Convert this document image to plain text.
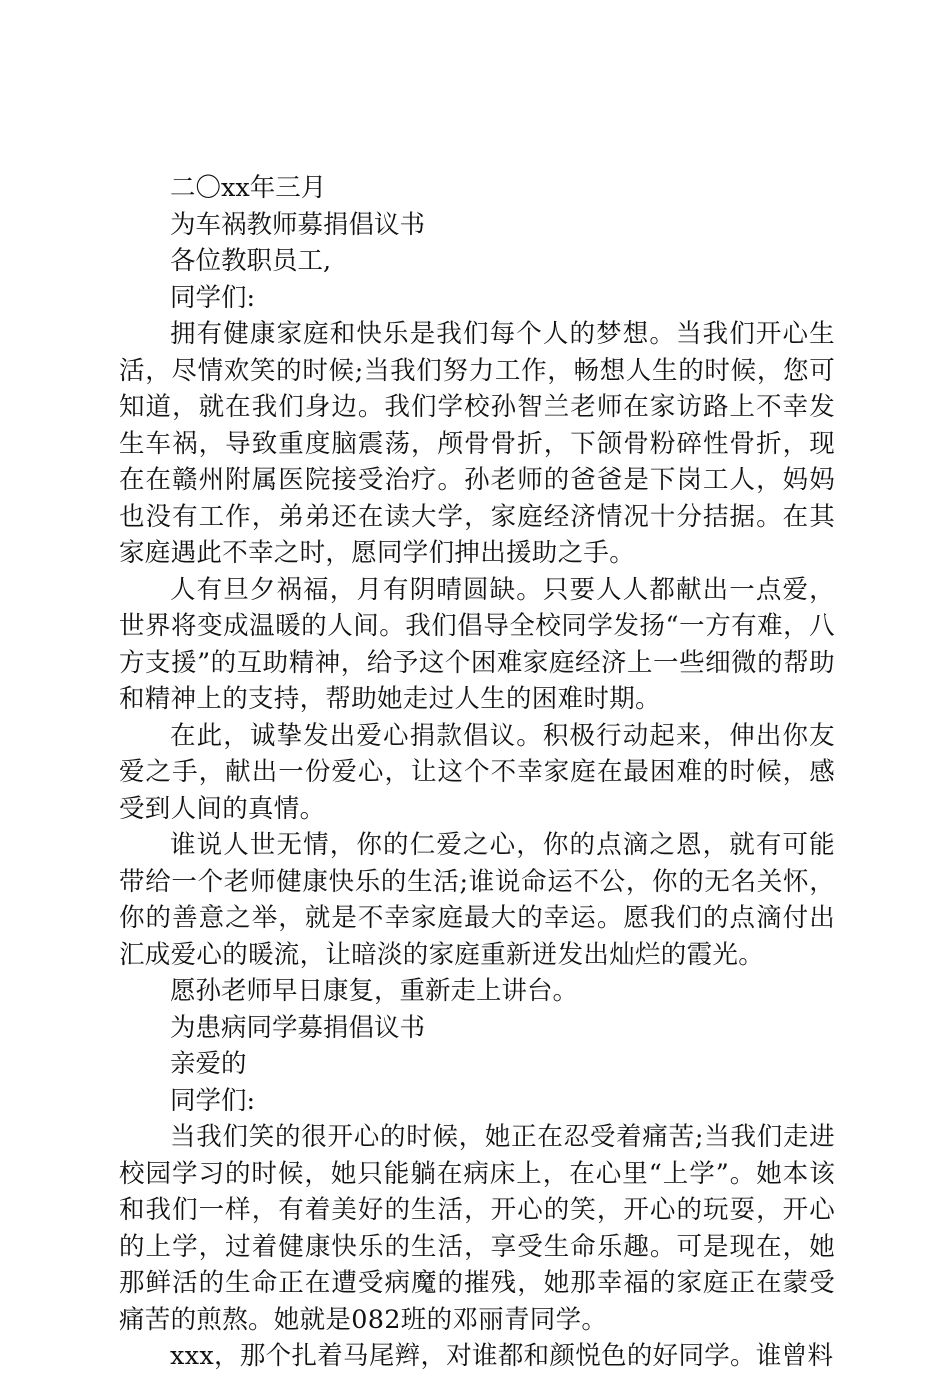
二〇xx年三月

为车祸教师募捐倡议书

各位教职员工,

同学们:

拥有健康家庭和快乐是我们每个人的梦想。当我们开心生活，尽情欢笑的时候;当我们努力工作，畅想人生的时候，您可知道，就在我们身边。我们学校孙智兰老师在家访路上不幸发生车祸，导致重度脑震荡，颅骨骨折，下颌骨粉碎性骨折，现在在赣州附属医院接受治疗。孙老师的爸爸是下岗工人，妈妈也没有工作，弟弟还在读大学，家庭经济情况十分拮据。在其家庭遇此不幸之时，愿同学们抻出援助之手。

人有旦夕祸福，月有阴晴圆缺。只要人人都献出一点爱，世界将变成温暖的人间。我们倡导全校同学发扬“一方有难，八方支援”的互助精神，给予这个困难家庭经济上一些细微的帮助和精神上的支持，帮助她走过人生的困难时期。

在此，诚挚发出爱心捐款倡议。积极行动起来，伸出你友爱之手，献出一份爱心，让这个不幸家庭在最困难的时候，感受到人间的真情。

谁说人世无情，你的仁爱之心，你的点滴之恩，就有可能带给一个老师健康快乐的生活;谁说命运不公，你的无名关怀，你的善意之举，就是不幸家庭最大的幸运。愿我们的点滴付出汇成爱心的暖流，让暗淡的家庭重新迸发出灿烂的霞光。

愿孙老师早日康复，重新走上讲台。

为患病同学募捐倡议书

亲爱的

同学们:

当我们笑的很开心的时候，她正在忍受着痛苦;当我们走进校园学习的时候，她只能躺在病床上，在心里“上学”。她本该和我们一样，有着美好的生活，开心的笑，开心的玩耍，开心的上学，过着健康快乐的生活，享受生命乐趣。可是现在，她那鲜活的生命正在遭受病魔的摧残，她那幸福的家庭正在蒙受痛苦的煎熬。她就是082班的邓丽青同学。

xxx，那个扎着马尾辫，对谁都和颜悦色的好同学。谁曾料
